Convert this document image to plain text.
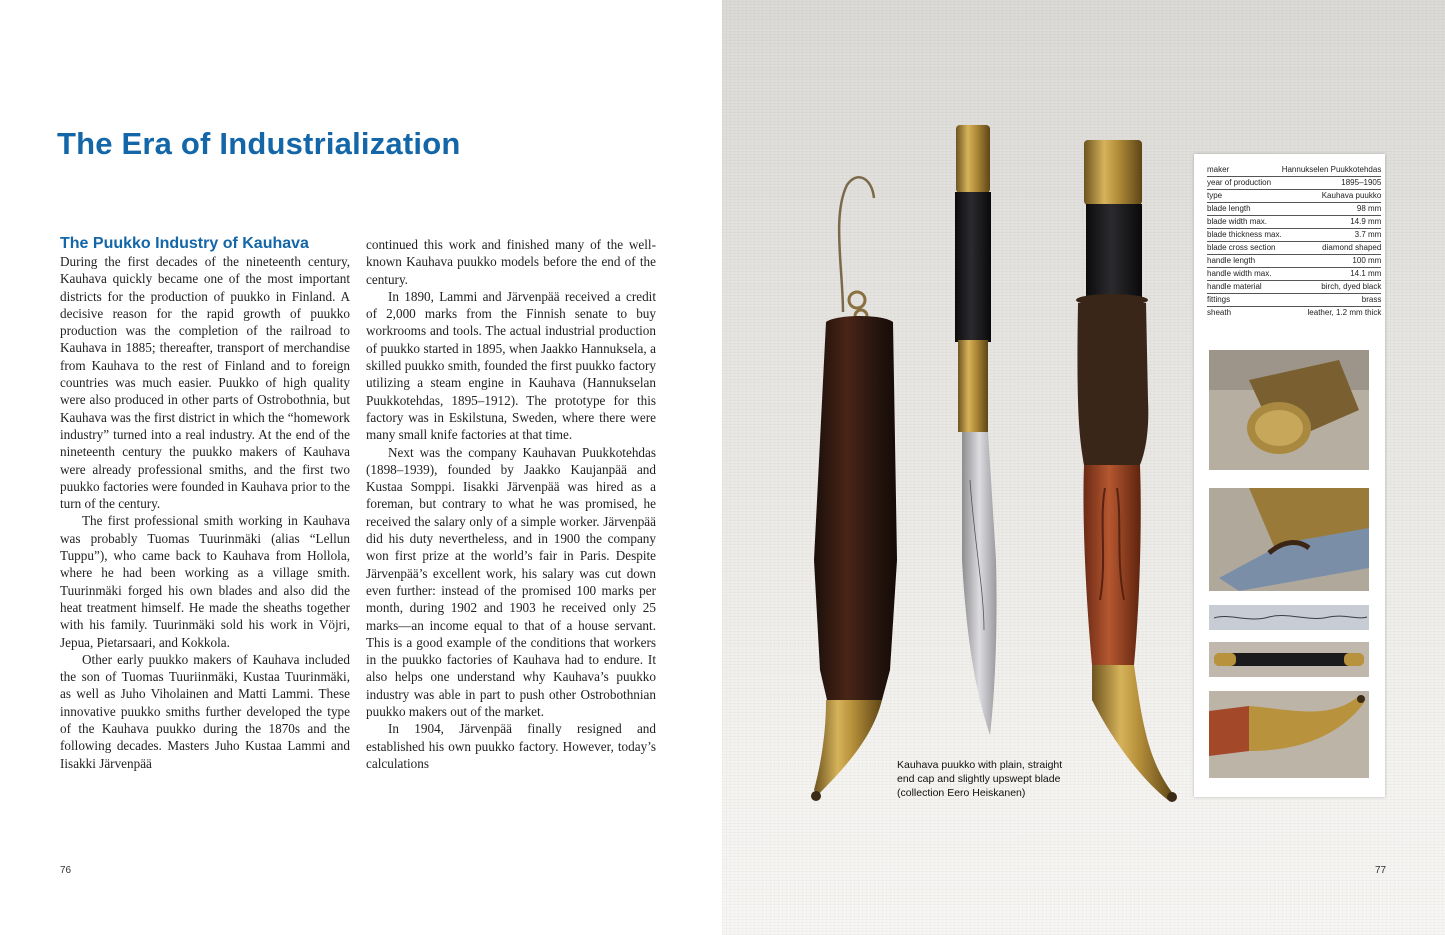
The Era of Industrialization
The Puukko Industry of Kauhava

During the first decades of the nineteenth century, Kauhava quickly became one of the most important districts for the production of puukko in Finland. A decisive reason for the rapid growth of puukko production was the completion of the railroad to Kauhava in 1885; thereafter, transport of merchandise from Kauhava to the rest of Finland and to foreign countries was much easier. Puukko of high quality were also produced in other parts of Ostrobothnia, but Kauhava was the first district in which the “homework industry” turned into a real industry. At the end of the nineteenth century the puukko makers of Kauhava were already professional smiths, and the first two puukko factories were founded in Kauhava prior to the turn of the century.

The first professional smith working in Kauhava was probably Tuomas Tuurinmäki (alias “Lellun Tuppu”), who came back to Kauhava from Hollola, where he had been working as a village smith. Tuurinmäki forged his own blades and also did the heat treatment himself. He made the sheaths together with his family. Tuurinmäki sold his work in Vöjri, Jepua, Pietarsaari, and Kokkola.

Other early puukko makers of Kauhava included the son of Tuomas Tuuriinmäki, Kustaa Tuurinmäki, as well as Juho Viholainen and Matti Lammi. These innovative puukko smiths further developed the type of the Kauhava puukko during the 1870s and the following decades. Masters Juho Kustaa Lammi and Iisakki Järvenpää

continued this work and finished many of the well-known Kauhava puukko models before the end of the century.

In 1890, Lammi and Järvenpää received a credit of 2,000 marks from the Finnish senate to buy workrooms and tools. The actual industrial production of puukko started in 1895, when Jaakko Hannuksela, a skilled puukko smith, founded the first puukko factory utilizing a steam engine in Kauhava (Hannukselan Puukkotehdas, 1895–1912). The prototype for this factory was in Eskilstuna, Sweden, where there were many small knife factories at that time.

Next was the company Kauhavan Puukkotehdas (1898–1939), founded by Jaakko Kaujanpää and Kustaa Somppi. Iisakki Järvenpää was hired as a foreman, but contrary to what he was promised, he received the salary only of a simple worker. Järvenpää did his duty nevertheless, and in 1900 the company won first prize at the world’s fair in Paris. Despite Järvenpää’s excellent work, his salary was cut down even further: instead of the promised 100 marks per month, during 1902 and 1903 he received only 25 marks—an income equal to that of a house servant. This is a good example of the conditions that workers in the puukko factories of Kauhava had to endure. It also helps one understand why Kauhava’s puukko industry was able in part to push other Ostrobothnian puukko makers out of the market.

In 1904, Järvenpää finally resigned and established his own puukko factory. However, today’s calculations

76
Kauhava puukko with plain, straight end cap and slightly upswept blade (collection Eero Heiskanen)
maker	Hannukselen Puukkotehdas
year of production	1895–1905
type	Kauhava puukko
blade length	98 mm
blade width max.	14.9 mm
blade thickness max.	3.7 mm
blade cross section	diamond shaped
handle length	100 mm
handle width max.	14.1 mm
handle material	birch, dyed black
fittings	brass
sheath	leather, 1.2 mm thick
77
